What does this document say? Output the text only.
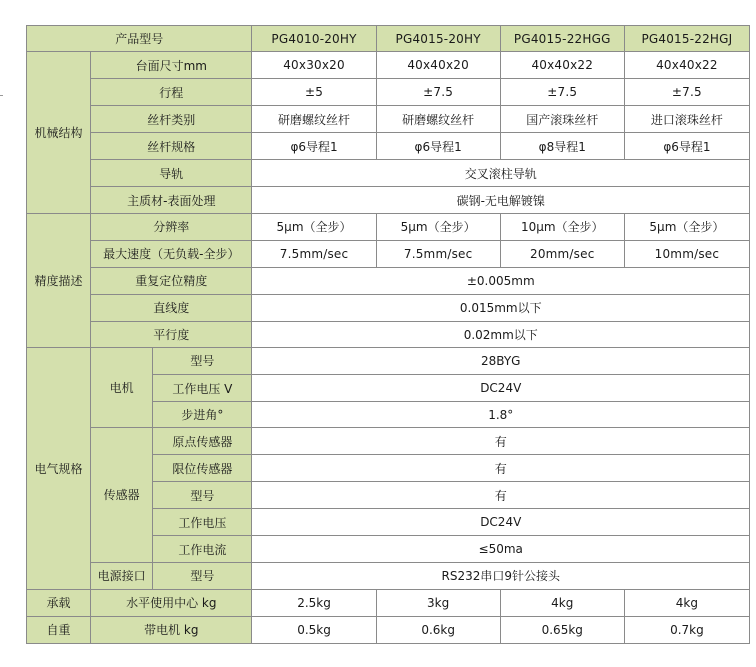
产品型号			PG4010-20HY	PG4015-20HY	PG4015-22HGG	PG4015-22HGJ
机械结构	台面尺寸mm		40x30x20	40x40x20	40x40x22	40x40x22
	行程		±5	±7.5	±7.5	±7.5
	丝杆类别		研磨螺纹丝杆	研磨螺纹丝杆	国产滚珠丝杆	进口滚珠丝杆
	丝杆规格		φ6导程1	φ6导程1	φ8导程1	φ6导程1
	导轨		交叉滚柱导轨			
	主质材-表面处理		碳钢-无电解镀镍			
精度描述	分辨率		5μm（全步）	5μm（全步）	10μm（全步）	5μm（全步）
	最大速度（无负载-全步）		7.5mm/sec	7.5mm/sec	20mm/sec	10mm/sec
	重复定位精度		±0.005mm			
	直线度		0.015mm以下			
	平行度		0.02mm以下			
电气规格	电机	型号	28BYG			
		工作电压 V	DC24V			
		步进角°	1.8°			
	传感器	原点传感器	有			
		限位传感器	有			
		型号	有			
		工作电压	DC24V			
		工作电流	≤50ma			
	电源接口	型号	RS232串口9针公接头			
承载	水平使用中心 kg		2.5kg	3kg	4kg	4kg
自重	带电机 kg		0.5kg	0.6kg	0.65kg	0.7kg
